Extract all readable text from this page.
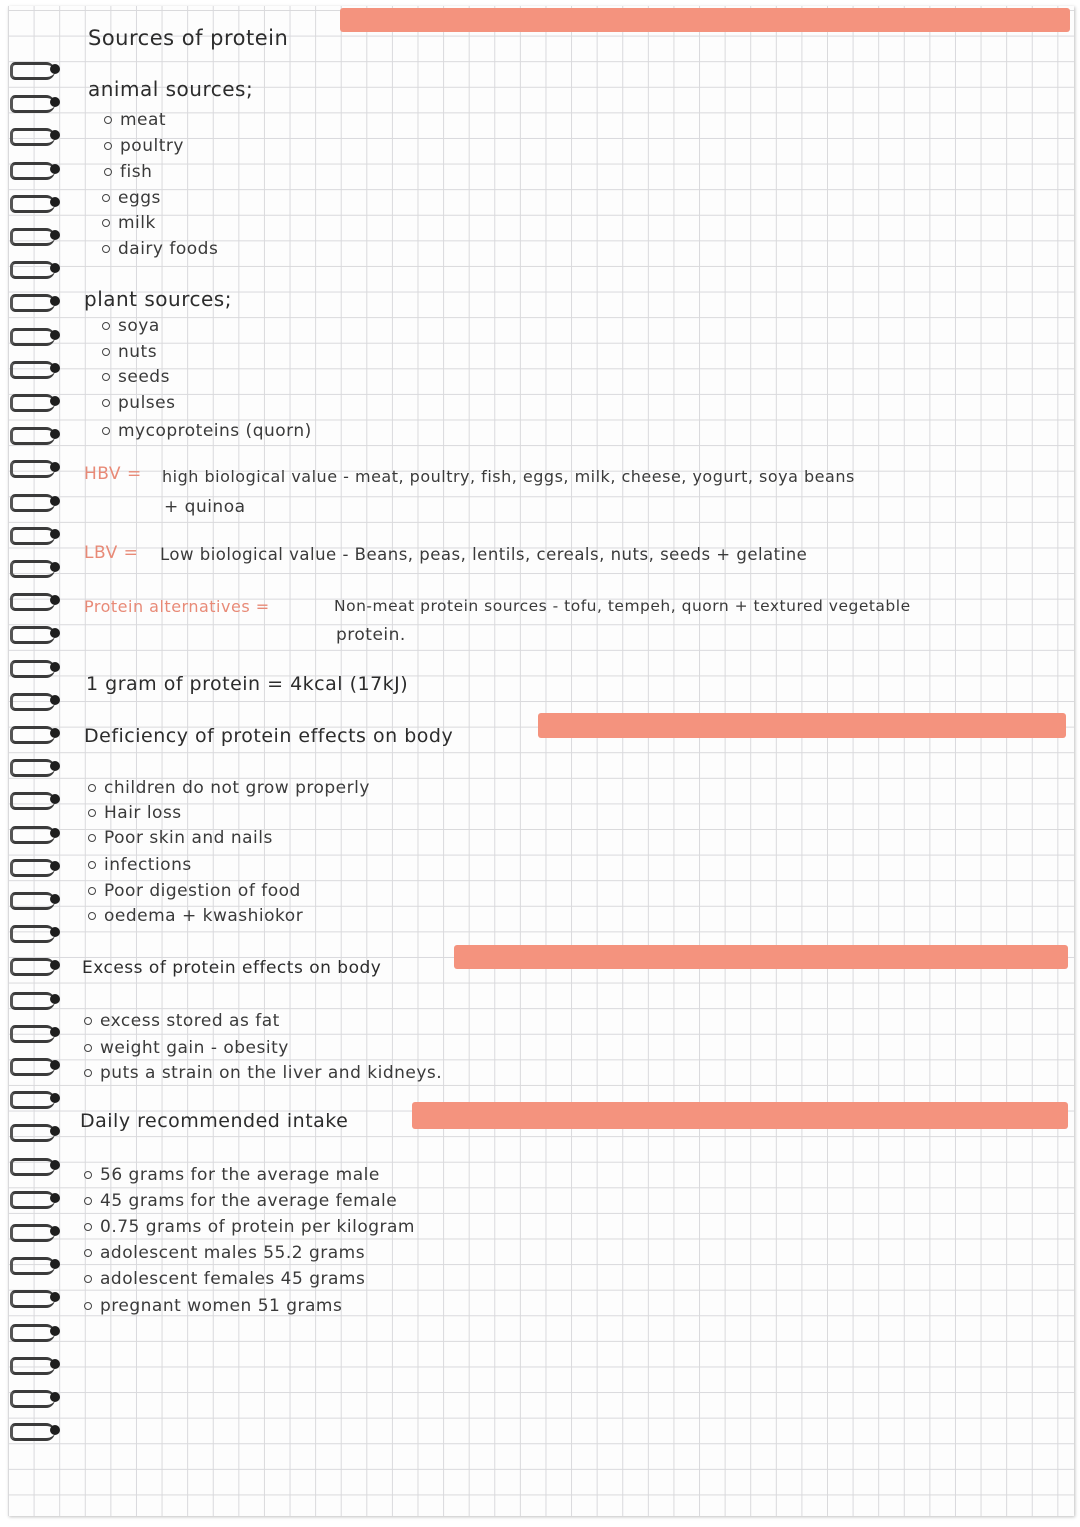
Sources of protein
animal sources;
meat
poultry
fish
eggs
milk
dairy foods
plant sources;
soya
nuts
seeds
pulses
mycoproteins (quorn)
HBV = high biological value - meat, poultry, fish, eggs, milk, cheese, yogurt, soya beans
+ quinoa
LBV = Low biological value - Beans, peas, lentils, cereals, nuts, seeds + gelatine
Protein alternatives =	Non-meat protein sources - tofu, tempeh, quorn + textured vegetable
protein.
1 gram of protein = 4kcal (17kJ)
Deficiency of protein effects on body
children do not grow properly
Hair loss
Poor skin and nails
infections
Poor digestion of food
oedema + kwashiokor
Excess of protein effects on body
excess stored as fat
weight gain - obesity
puts a strain on the liver and kidneys.
Daily recommended intake
56 grams for the average male
45 grams for the average female
0.75 grams of protein per kilogram
adolescent males 55.2 grams
adolescent females 45 grams
pregnant women 51 grams
